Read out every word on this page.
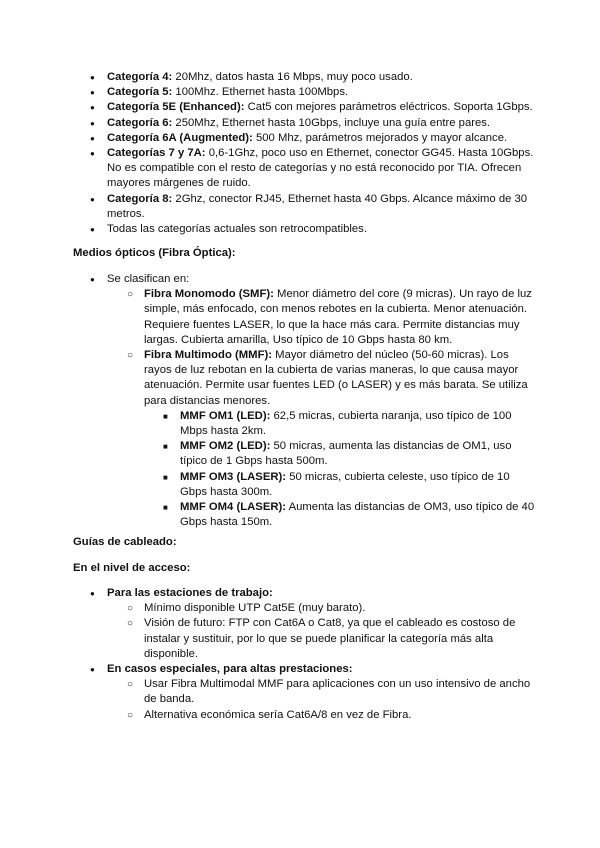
● Categoría 4: 20Mhz, datos hasta 16 Mbps, muy poco usado.
● Categoría 5: 100Mhz. Ethernet hasta 100Mbps.
● Categoría 5E (Enhanced): Cat5 con mejores parámetros eléctricos. Soporta 1Gbps.
● Categoría 6: 250Mhz, Ethernet hasta 10Gbps, incluye una guía entre pares.
● Categoría 6A (Augmented): 500 Mhz, parámetros mejorados y mayor alcance.
● Categorías 7 y 7A: 0,6-1Ghz, poco uso en Ethernet, conector GG45. Hasta 10Gbps. No es compatible con el resto de categorías y no está reconocido por TIA. Ofrecen mayores márgenes de ruido.
● Categoría 8: 2Ghz, conector RJ45, Ethernet hasta 40 Gbps. Alcance máximo de 30 metros.
● Todas las categorías actuales son retrocompatibles.
Medios ópticos (Fibra Óptica):
● Se clasifican en:
○ Fibra Monomodo (SMF): Menor diámetro del core (9 micras). Un rayo de luz simple, más enfocado, con menos rebotes en la cubierta. Menor atenuación. Requiere fuentes LASER, lo que la hace más cara. Permite distancias muy largas. Cubierta amarilla, Uso típico de 10 Gbps hasta 80 km.
○ Fibra Multimodo (MMF): Mayor diámetro del núcleo (50-60 micras). Los rayos de luz rebotan en la cubierta de varias maneras, lo que causa mayor atenuación. Permite usar fuentes LED (o LASER) y es más barata. Se utiliza para distancias menores.
■ MMF OM1 (LED): 62,5 micras, cubierta naranja, uso típico de 100 Mbps hasta 2km.
■ MMF OM2 (LED): 50 micras, aumenta las distancias de OM1, uso típico de 1 Gbps hasta 500m.
■ MMF OM3 (LASER): 50 micras, cubierta celeste, uso típico de 10 Gbps hasta 300m.
■ MMF OM4 (LASER): Aumenta las distancias de OM3, uso típico de 40 Gbps hasta 150m.
Guías de cableado:
En el nivel de acceso:
● Para las estaciones de trabajo:
○ Mínimo disponible UTP Cat5E (muy barato).
○ Visión de futuro: FTP con Cat6A o Cat8, ya que el cableado es costoso de instalar y sustituir, por lo que se puede planificar la categoría más alta disponible.
● En casos especiales, para altas prestaciones:
○ Usar Fibra Multimodal MMF para aplicaciones con un uso intensivo de ancho de banda.
○ Alternativa económica sería Cat6A/8 en vez de Fibra.
